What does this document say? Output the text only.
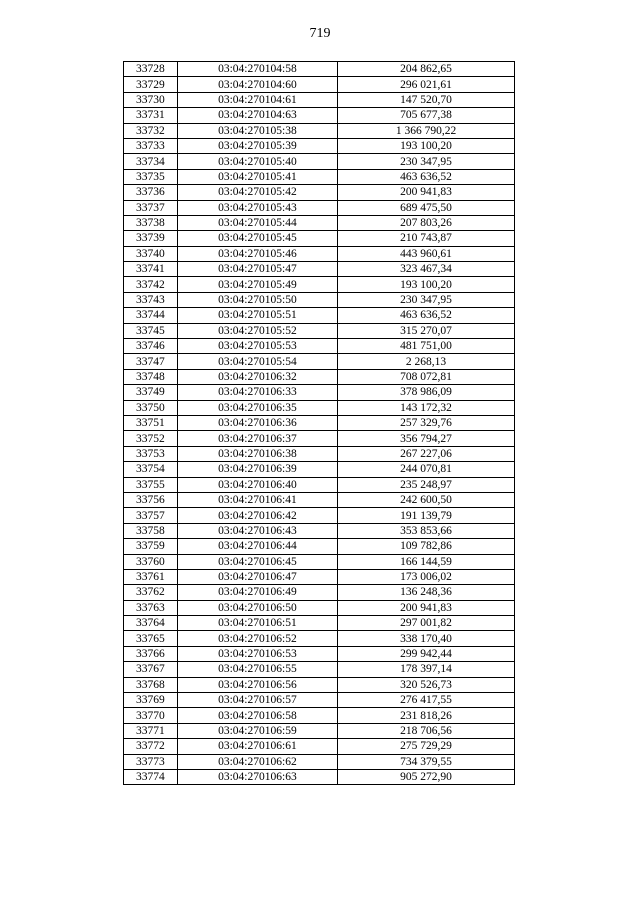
719
33728	03:04:270104:58	204 862,65
33729	03:04:270104:60	296 021,61
33730	03:04:270104:61	147 520,70
33731	03:04:270104:63	705 677,38
33732	03:04:270105:38	1 366 790,22
33733	03:04:270105:39	193 100,20
33734	03:04:270105:40	230 347,95
33735	03:04:270105:41	463 636,52
33736	03:04:270105:42	200 941,83
33737	03:04:270105:43	689 475,50
33738	03:04:270105:44	207 803,26
33739	03:04:270105:45	210 743,87
33740	03:04:270105:46	443 960,61
33741	03:04:270105:47	323 467,34
33742	03:04:270105:49	193 100,20
33743	03:04:270105:50	230 347,95
33744	03:04:270105:51	463 636,52
33745	03:04:270105:52	315 270,07
33746	03:04:270105:53	481 751,00
33747	03:04:270105:54	2 268,13
33748	03:04:270106:32	708 072,81
33749	03:04:270106:33	378 986,09
33750	03:04:270106:35	143 172,32
33751	03:04:270106:36	257 329,76
33752	03:04:270106:37	356 794,27
33753	03:04:270106:38	267 227,06
33754	03:04:270106:39	244 070,81
33755	03:04:270106:40	235 248,97
33756	03:04:270106:41	242 600,50
33757	03:04:270106:42	191 139,79
33758	03:04:270106:43	353 853,66
33759	03:04:270106:44	109 782,86
33760	03:04:270106:45	166 144,59
33761	03:04:270106:47	173 006,02
33762	03:04:270106:49	136 248,36
33763	03:04:270106:50	200 941,83
33764	03:04:270106:51	297 001,82
33765	03:04:270106:52	338 170,40
33766	03:04:270106:53	299 942,44
33767	03:04:270106:55	178 397,14
33768	03:04:270106:56	320 526,73
33769	03:04:270106:57	276 417,55
33770	03:04:270106:58	231 818,26
33771	03:04:270106:59	218 706,56
33772	03:04:270106:61	275 729,29
33773	03:04:270106:62	734 379,55
33774	03:04:270106:63	905 272,90
